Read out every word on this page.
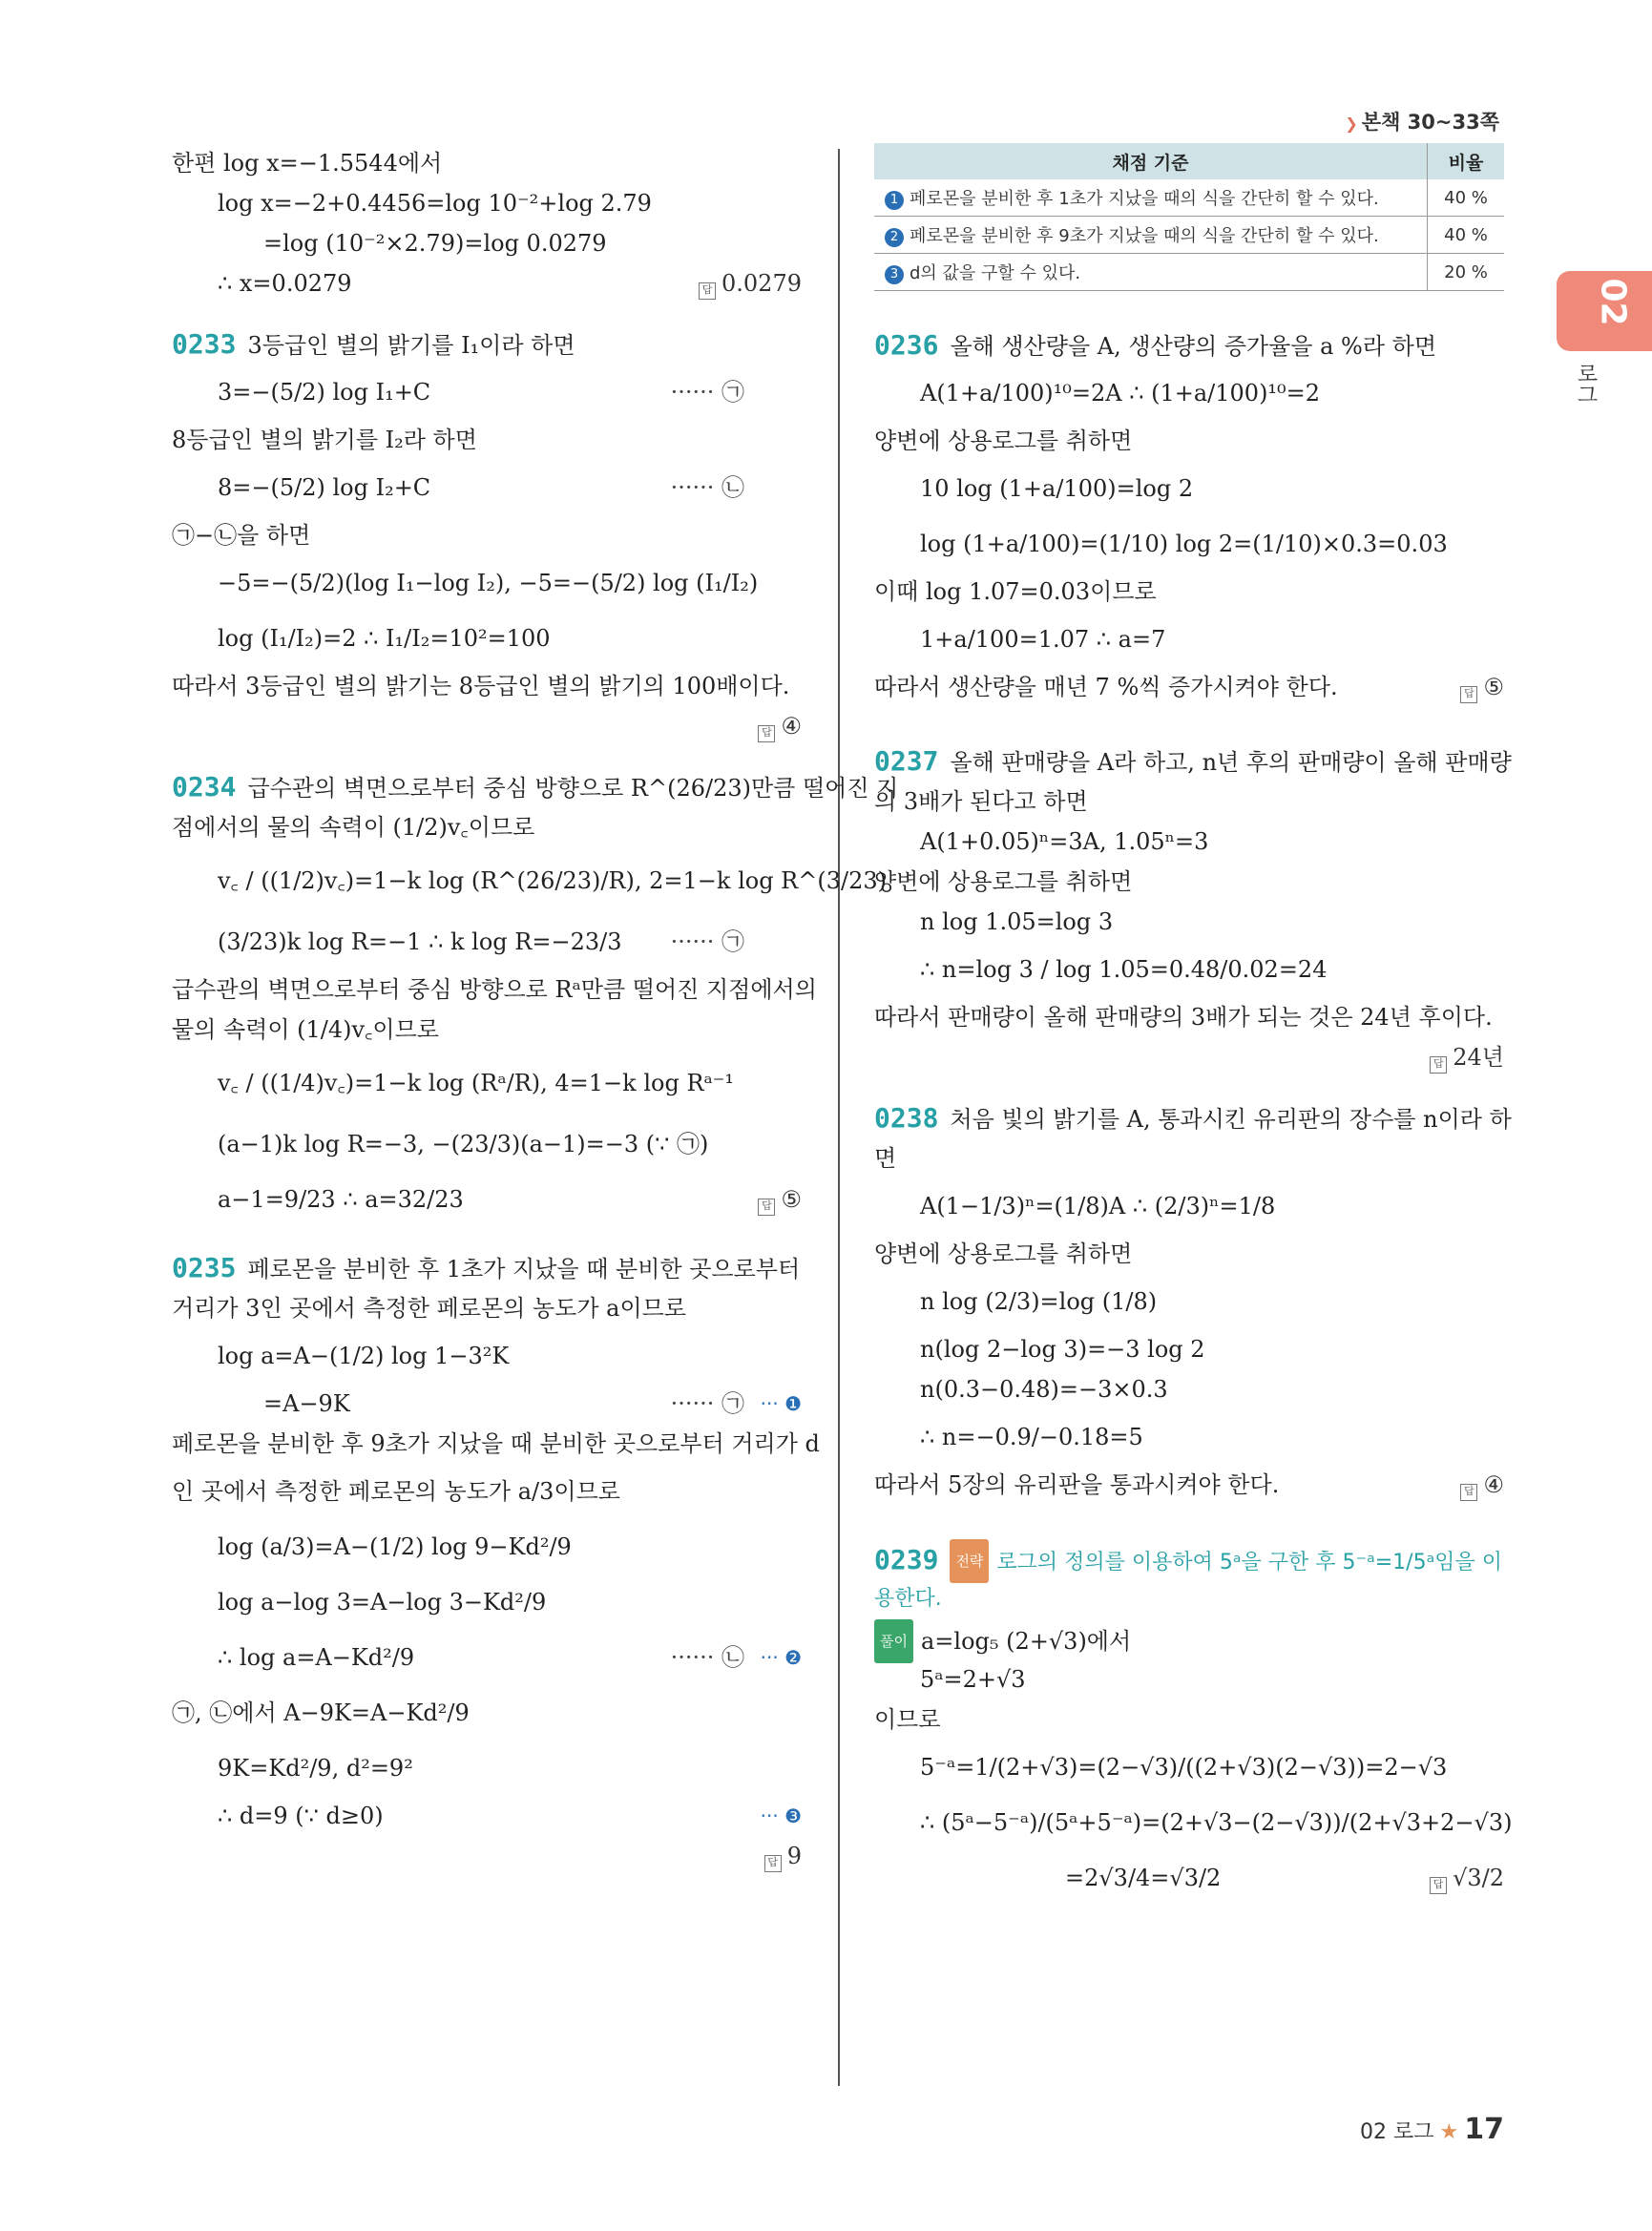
❯ 본책 30~33쪽
02
로그
한편 log x=−1.5544에서
log x=−2+0.4456=log 10⁻²+log 2.79
=log (10⁻²×2.79)=log 0.0279
∴ x=0.0279	답 0.0279
0233 3등급인 별의 밝기를 I₁이라 하면
3=−(5/2) log I₁+C	······ ㉠
8등급인 별의 밝기를 I₂라 하면
8=−(5/2) log I₂+C	······ ㉡
㉠−㉡을 하면
−5=−(5/2)(log I₁−log I₂), −5=−(5/2) log (I₁/I₂)
log (I₁/I₂)=2 ∴ I₁/I₂=10²=100
따라서 3등급인 별의 밝기는 8등급인 별의 밝기의 100배이다.
답 ④
0234 급수관의 벽면으로부터 중심 방향으로 R^(26/23)만큼 떨어진 지
점에서의 물의 속력이 (1/2)v꜀이므로
v꜀ / ((1/2)v꜀)=1−k log (R^(26/23)/R), 2=1−k log R^(3/23)
(3/23)k log R=−1 ∴ k log R=−23/3 ······ ㉠
급수관의 벽면으로부터 중심 방향으로 Rᵃ만큼 떨어진 지점에서의
물의 속력이 (1/4)v꜀이므로
v꜀ / ((1/4)v꜀)=1−k log (Rᵃ/R), 4=1−k log Rᵃ⁻¹
(a−1)k log R=−3, −(23/3)(a−1)=−3 (∵ ㉠)
a−1=9/23 ∴ a=32/23	답 ⑤
0235 페로몬을 분비한 후 1초가 지났을 때 분비한 곳으로부터
거리가 3인 곳에서 측정한 페로몬의 농도가 a이므로
log a=A−(1/2) log 1−3²K
=A−9K	······ ㉠ ··· ❶
페로몬을 분비한 후 9초가 지났을 때 분비한 곳으로부터 거리가 d
인 곳에서 측정한 페로몬의 농도가 a/3이므로
log (a/3)=A−(1/2) log 9−Kd²/9
log a−log 3=A−log 3−Kd²/9
∴ log a=A−Kd²/9	······ ㉡ ··· ❷
㉠, ㉡에서 A−9K=A−Kd²/9
9K=Kd²/9, d²=9²
∴ d=9 (∵ d≥0)	··· ❸
답 9
채점 기준	비율
1 페로몬을 분비한 후 1초가 지났을 때의 식을 간단히 할 수 있다.	40 %
2 페로몬을 분비한 후 9초가 지났을 때의 식을 간단히 할 수 있다.	40 %
3 d의 값을 구할 수 있다.	20 %
0236 올해 생산량을 A, 생산량의 증가율을 a %라 하면
A(1+a/100)¹⁰=2A ∴ (1+a/100)¹⁰=2
양변에 상용로그를 취하면
10 log (1+a/100)=log 2
log (1+a/100)=(1/10) log 2=(1/10)×0.3=0.03
이때 log 1.07=0.03이므로
1+a/100=1.07 ∴ a=7
따라서 생산량을 매년 7 %씩 증가시켜야 한다.	답 ⑤
0237 올해 판매량을 A라 하고, n년 후의 판매량이 올해 판매량
의 3배가 된다고 하면
A(1+0.05)ⁿ=3A, 1.05ⁿ=3
양변에 상용로그를 취하면
n log 1.05=log 3
∴ n=log 3 / log 1.05=0.48/0.02=24
따라서 판매량이 올해 판매량의 3배가 되는 것은 24년 후이다.
답 24년
0238 처음 빛의 밝기를 A, 통과시킨 유리판의 장수를 n이라 하
면
A(1−1/3)ⁿ=(1/8)A ∴ (2/3)ⁿ=1/8
양변에 상용로그를 취하면
n log (2/3)=log (1/8)
n(log 2−log 3)=−3 log 2
n(0.3−0.48)=−3×0.3
∴ n=−0.9/−0.18=5
따라서 5장의 유리판을 통과시켜야 한다.	답 ④
0239 전략 로그의 정의를 이용하여 5ᵃ을 구한 후 5⁻ᵃ=1/5ᵃ임을 이
용한다.
풀이 a=log₅ (2+√3)에서
5ᵃ=2+√3
이므로
5⁻ᵃ=1/(2+√3)=(2−√3)/((2+√3)(2−√3))=2−√3
∴ (5ᵃ−5⁻ᵃ)/(5ᵃ+5⁻ᵃ)=(2+√3−(2−√3))/(2+√3+2−√3)
=2√3/4=√3/2	답 √3/2
02 로그 ★ 17
